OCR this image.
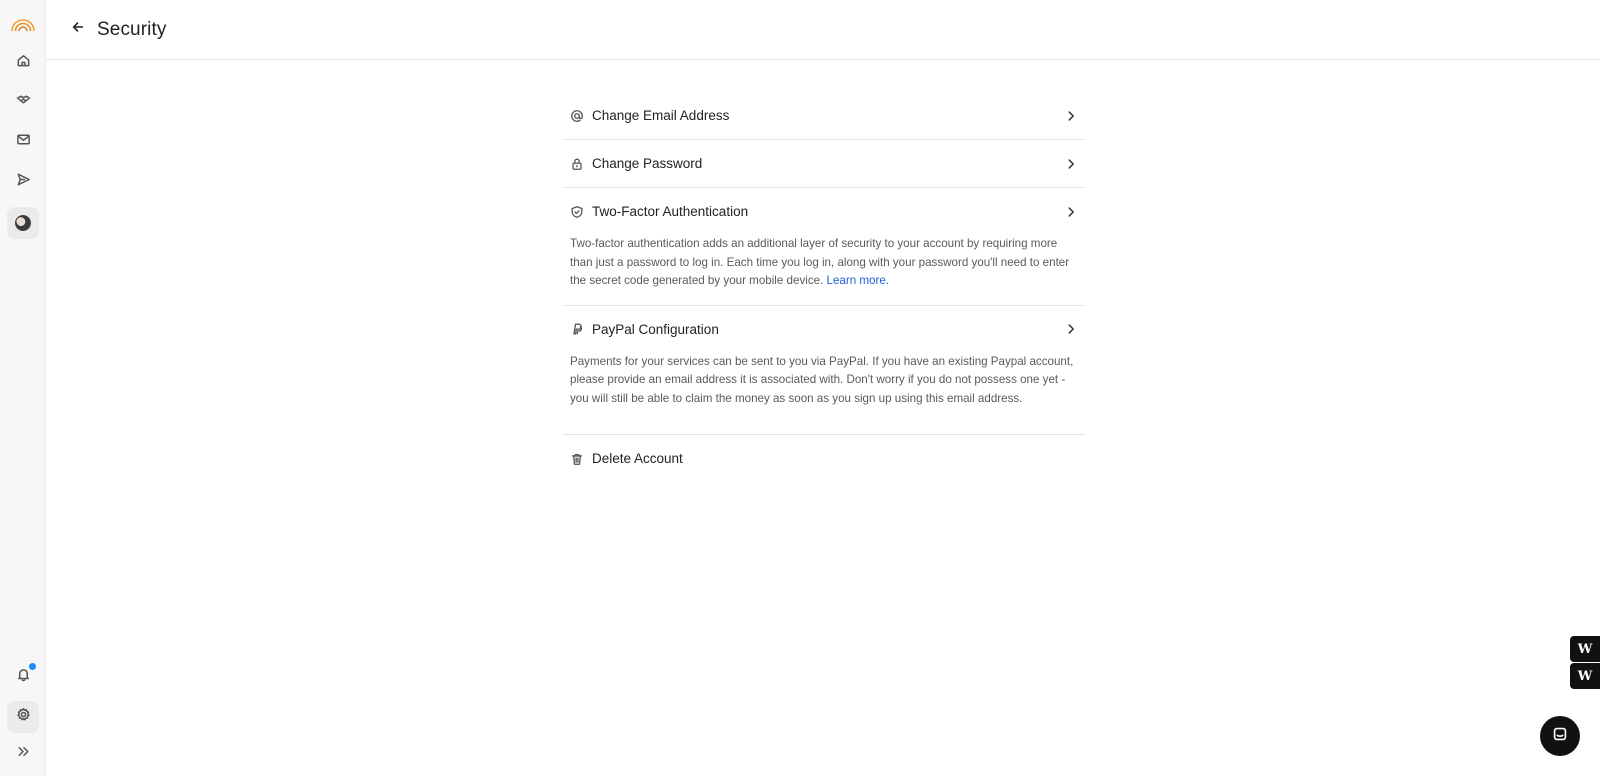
Security
Change Email Address
Change Password
Two-Factor Authentication
Two-factor authentication adds an additional layer of security to your account by requiring more than just a password to log in. Each time you log in, along with your password you'll need to enter the secret code generated by your mobile device. Learn more.
PayPal Configuration
Payments for your services can be sent to you via PayPal. If you have an existing Paypal account, please provide an email address it is associated with. Don't worry if you do not possess one yet - you will still be able to claim the money as soon as you sign up using this email address.
Delete Account
W
W
